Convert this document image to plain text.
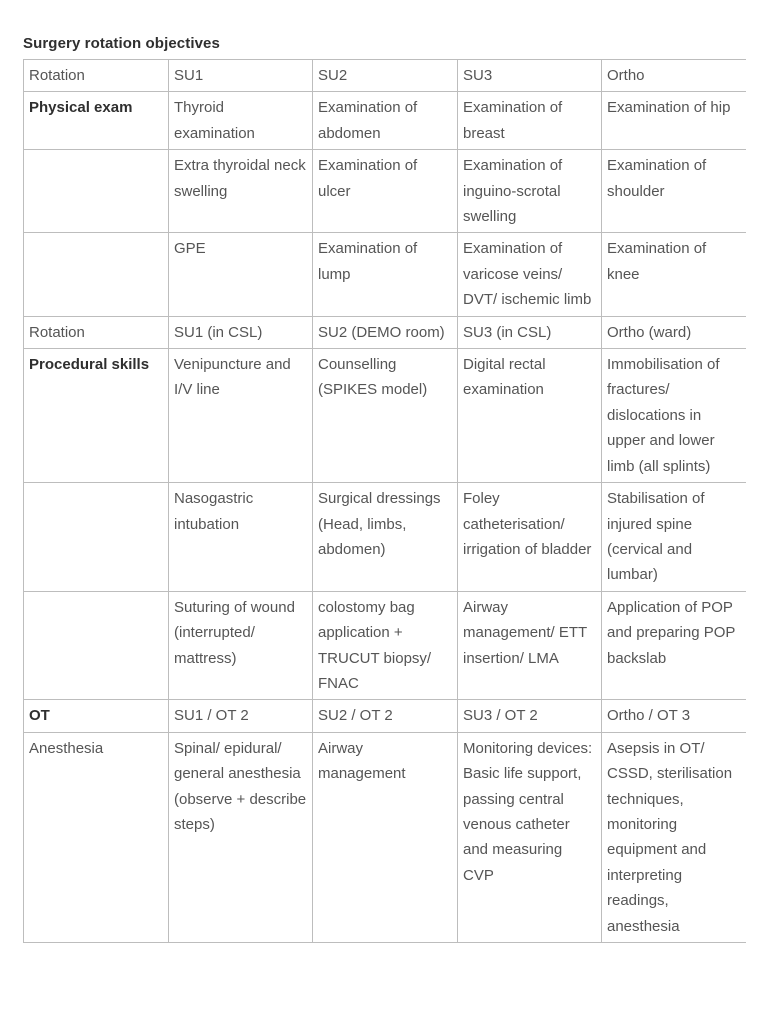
Surgery rotation objectives
Rotation	SU1	SU2	SU3	Ortho
Physical exam	Thyroid examination	Examination of abdomen	Examination of breast	Examination of hip
	Extra thyroidal neck swelling	Examination of ulcer	Examination of inguino-scrotal swelling	Examination of shoulder
	GPE	Examination of lump	Examination of varicose veins/ DVT/ ischemic limb	Examination of knee
Rotation	SU1 (in CSL)	SU2 (DEMO room)	SU3 (in CSL)	Ortho (ward)
Procedural skills	Venipuncture and I/V line	Counselling (SPIKES model)	Digital rectal examination	Immobilisation of fractures/ dislocations in upper and lower limb (all splints)
	Nasogastric intubation	Surgical dressings (Head, limbs, abdomen)	Foley catheterisation/ irrigation of bladder	Stabilisation of injured spine (cervical and lumbar)
	Suturing of wound (interrupted/ mattress)	colostomy bag application + TRUCUT biopsy/ FNAC	Airway management/ ETT insertion/ LMA	Application of POP and preparing POP backslab
OT	SU1 / OT 2	SU2 / OT 2	SU3 / OT 2	Ortho / OT 3
Anesthesia	Spinal/ epidural/ general anesthesia (observe + describe steps)	Airway management	Monitoring devices: Basic life support, passing central venous catheter and measuring CVP	Asepsis in OT/ CSSD, sterilisation techniques, monitoring equipment and interpreting readings, anesthesia
